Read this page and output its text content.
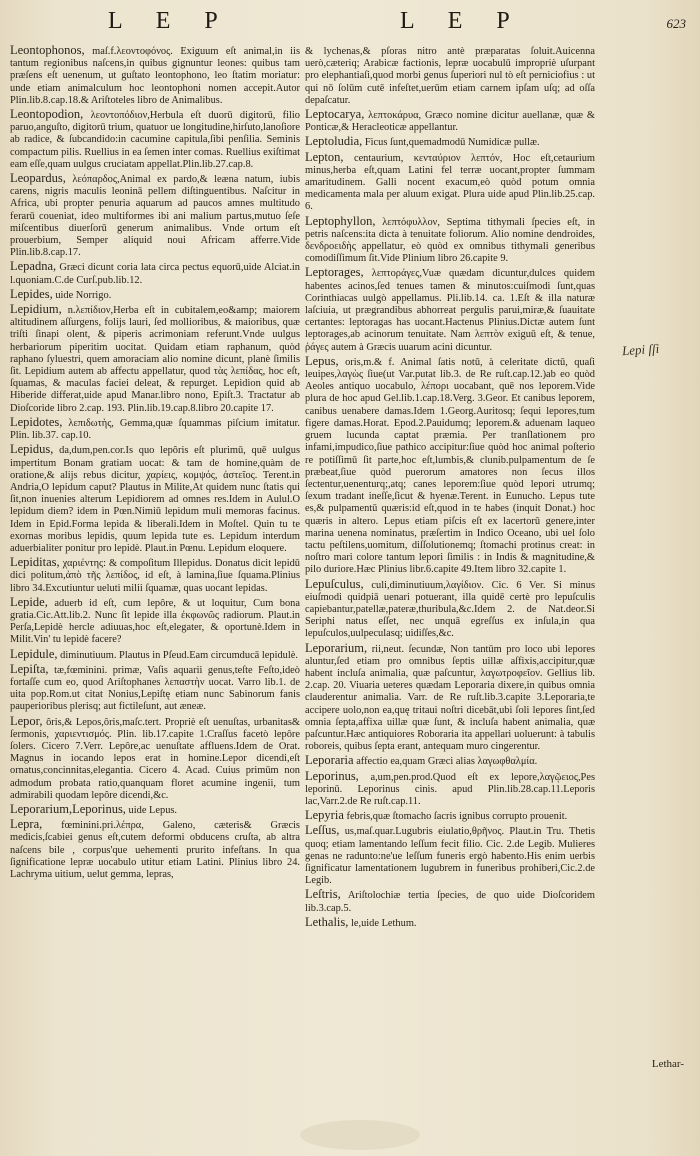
L E P	L E P	623
Leontophonos, maſ.f.λεοντοφόνος. Exiguum eſt animal,in iis tantum regionibus naſcens,in quibus gignuntur leones: quibus tam præſens eſt uenenum, ut guſtato leontophono, leo ſtatim moriatur: unde etiam animalculum hoc leontophoni nomen accepit.Autor Plin.lib.8.cap.18.& Ariſtoteles libro de Animalibus.
Leontopodion, λεοντοπόδιον,Herbula eſt duorū digitorū, filio paruo,anguſto, digitorū trium, quatuor ue longitudine,hirſuto,lanoſiore ab radice, & ſubcandido:in cacumine capitula,ſibi penſilia. Seminis compactum pilis. Ruellius in ea ſemen inter comas. Ruellius exiſtimat eam eſſe,quam uulgus cruciatam appellat.Plin.lib.27.cap.8.
Leopardus, λεόπαρδος,Animal ex pardo,& leæna natum, iubis carens, nigris maculis leoninā pellem diſtinguentibus. Naſcitur in Africa, ubi propter penuria aquarum ad paucos amnes multitudo ferarū coueniat, ideo multiformes ibi ani malium partus,mutuo ſeſe miſcentibus diuerſorū generum animalibus. Vnde ortum eſt prouerbium, Semper aliquid noui Africam afferre.Vide Plin.lib.8.cap.17.
Lepadna, Græci dicunt coria lata circa pectus equorū,uide Alciat.in l.quoniam.C.de Curſ.pub.lib.12.
Lepides, uide Norrigo.
Lepidium, n.λεπίδιον,Herba eſt in cubitalem,eo&amp; maiorem altitudinem aſſurgens, folijs lauri, ſed mollioribus, & maioribus, quæ triſti ſinapi olent, & piperis acrimoniam referunt.Vnde uulgus herbariorum piperitim uocitat. Quidam etiam raphanum, quòd raphano ſyluestri, quem amoraciam alio nomine dicunt, planè ſimilis ſit. Lepidium autem ab affectu appellatur, quod τὰς λεπίδας, hoc eſt, ſquamas, & maculas faciei deleat, & repurget. Lepidion quid ab Hiberide differat,uide apud Manar.libro nono, Epiſt.3. Tractatur ab Dioſcoride libro 2.cap. 193. Plin.lib.19.cap.8.libro 20.capite 17.
Lepidotes, λεπιδωτὴς, Gemma,quæ ſquammas piſcium imitatur. Plin. lib.37. cap.10.
Lepidus, da,dum,pen.cor.Is quo lepôris eſt plurimū, quē uulgus impertitum Bonam gratiam uocat: & tam de homine,quàm de oratione,& alijs rebus dicitur, χαρίεις, κομψός, ἀστεῖος. Terent.in Andria,O lepidum caput? Plautus in Milite,At quidem nunc ſtatis qui ſit,non inuenies alterum Lepidiorem ad omnes res.Idem in Aulul.O lepidum diem? idem in Pœn.Nimiū lepidum muli memoras facinus. Idem in Epid.Forma lepida & liberali.Idem in Moſtel. Quin tu te exornas moribus lepidis, quum lepida tute es. Lepidum interdum aduerbialiter ponitur pro lepidè. Plaut.in Pœnu. Lepidum eloquere.
Lepiditas, χαριέντης: & compoſitum Illepidus. Donatus dicit lepidū dici politum,ἀπὸ τῆς λεπίδος, id eſt, à lamina,ſiue ſquama.Plinius libro 34.Excutiuntur ueluti milii ſquamæ, quas uocant lepidas.
Lepide, aduerb id eſt, cum lepôre, & ut loquitur, Cum bona gratia.Cic.Att.lib.2. Nunc ſit lepide illa ἐκφωνῶς radiorum. Plaut.in Perſa,Lepidè hercle adiuuas,hoc eſt,elegater, & oportunè.Idem in Milit.Vin' tu lepidè facere?
Lepidule, diminutiuum. Plautus in Pſeud.Eam circumducā lepidulè.
Lepiſta, tæ,fœminini. primæ, Vaſis aquarii genus,teſte Feſto,ideò fortaſſe cum eo, quod Ariſtophanes λεπαστὴν uocat. Varro lib.1. de uita pop.Rom.ut citat Nonius,Lepiſtę etiam nunc Sabinorum fanis pauperioribus plerisq; aut fictileſunt, aut æneæ.
Lepor, ôris,& Lepos,ôris,maſc.tert. Propriè eſt uenuſtas, urbanitas& ſermonis, χαριεντισμός. Plin. lib.17.capite 1.Craſſus facetò lepôre ſolers. Cicero 7.Verr. Lepôre,ac uenuſtate affluens.Idem de Orat. Magnus in iocando lepos erat in homine.Lepor dicendi,eſt ornatus,concinnitas,elegantia. Cicero 4. Acad. Cuius primūm non admodum probata ratio,quanquam floret acumine ingenii, tum admirabili quodam lepôre dicendi,&c.
Leporarium,Leporinus, uide Lepus.
Lepra, fœminini.pri.λέπρα, Galeno, cæteris& Græcis medicis,ſcabiei genus eſt,cutem deformi obducens cruſta, ab altra naſcens bile , corpus'que uehementi prurito infeſtans. In qua ſignificatione lepræ uocabulo utitur etiam Latini. Plinius libro 24. Lachryma uitium, uelut gemma, lepras,
& lychenas,& pſoras nitro antè præparatas ſoluit.Auicenna uerò,cæteriq; Arabicæ factionis, lepræ uocabulū impropriè uſurpant pro elephantiaſi,quod morbi genus ſuperiori nul tò eſt perniciofius : ut qui nō ſolūm cutē infeſtet,uerūm etiam carnem ipſam uſq; ad oſſa depaſcatur.
Leptocarya, λεπτοκάρυα, Græco nomine dicitur auellanæ, quæ & Ponticæ,& Heracleoticæ appellantur.
Leptoludia, Ficus ſunt,quemadmodū Numidicæ pullæ.
Lepton, centaurium, κενταύριον λεπτόν, Hoc eſt,cetaurium minus,herba eſt,quam Latini fel terræ uocant,propter ſummam amaritudinem. Galli nocent exacum,eò quòd potum omnia medicamenta mala per aluum exigat. Plura uide apud Plin.lib.25.cap. 6.
Leptophyllon, λεπτόφυλλον, Septima tithymali ſpecies eſt, in petris naſcens:ita dicta à tenuitate foliorum. Alio nomine dendroides, δενδροειδὴς appellatur, eò quòd ex omnibus tithymali generibus comodiſſimum ſit.Vide Plinium libro 26.capite 9.
Leptorages, λεπτοράγες,Vuæ quædam dicuntur,dulces quidem habentes acinos,ſed tenues tamen & minutos:cuiſmodi ſunt,quas Corinthiacas uulgò appellamus. Pli.lib.14. ca. 1.Eſt & illa naturæ laſciuia, ut prægrandibus abhorreat pergulis parui,miræ,& ſuauitate certantes: leptoragas has uocant.Hactenus Plinius.Dictæ autem ſunt leptorages,ab acinorum tenuitate. Nam λεπτὸν exiguū eſt, & tenue, ῥάγες autem à Græcis uuarum acini dicuntur.
Lepus, oris,m.& f. Animal ſatis notū, à celeritate dictū, quaſi leuipes,λαγὼς ſiue(ut Var.putat lib.3. de Re ruſt.cap.12.)ab eo quòd Aeoles antiquo uocabulo, λέπορι uocabant, quē nos leporem.Vide plura de hoc apud Gel.lib.1.cap.18.Verg. 3.Geor. Et canibus leporem, canibus uenabere damas.Idem 1.Georg.Auritosq; ſequi lepores,tum figere damas.Horat. Epod.2.Pauidumq; leporem.& aduenam laqueo gruem lucunda captat præmia. Per tranſlationem pro infami,impudico,ſiue pathico accipitur:ſiue quòd hoc animal poſterio re potiſſimū ſit parte,hoc eſt,lumbis,& clunib.pulpamentum de ſe præbeat,ſiue quòd puerorum amatores non ſecus illos ſectentur,uenenturq;,atq; canes leporem:ſiue quòd lepori utrumq; ſexum tradant ineſſe,ſicut & hyenæ.Terent. in Eunucho. Lepus tute es,& pulpamentū quæris:id eſt,quod in te habes (inquit Donat.) hoc quæris in altero. Lepus etiam piſcis eſt ex lacertorū genere,inter marina uenena nominatus, præſertim in Indico Oceano, ubi uel ſolo tactu peſtilens,uomitum, diſſolutionemq; ſtomachi protinus creat: in noſtro mari colore tantum lepori ſimilis : in Indis & magnitudine,& pilo duriore.Hæc Plinius libr.6.capite 49.Item libro 32.capite 1.
Lepuſculus, culi,diminutiuum,λαγίδιον. Cic. 6 Ver. Si minus eiuſmodi quidpiā uenari potuerant, illa quidē certè pro lepuſculis capiebantur,patellæ,pateræ,thuribula,&c.Idem 2. de Nat.deor.Si Seriphi natus eſſet, nec unquā egreſſus ex inſula,in qua lepuſculos,uulpeculasq; uidiſſes,&c.
Leporarium, rii,neut. ſecundæ, Non tantūm pro loco ubi lepores aluntur,ſed etiam pro omnibus ſeptis uillæ aſfixis,accipitur,quæ habent incluſa animalia, quæ paſcuntur, λαγωτροφεῖον. Gellius lib. 2.cap. 20. Viuaria ueteres quædam Leporaria dixere,in quibus omnia clauderentur animalia. Varr. de Re ruſt.lib.3.capite 3.Leporaria,te accipere uolo,non ea,quę tritaui noſtri dicebāt,ubi ſoli lepores ſint,ſed omnia ſepta,affixa uillæ quæ ſunt, & incluſa habent animalia, quæ paſcuntur.Hæc antiquiores Roboraria ita appellari uoluerunt: à tabulis roboreis, quibus ſepta erant, antequam muro cingerentur.
Leporaria affectio ea,quam Græci alias λαγωφθαλμία.
Leporinus, a,um,pen.prod.Quod eſt ex lepore,λαγῷειος,Pes leporinū. Leporinus cinis. apud Plin.lib.28.cap.11.Leporis lac,Varr.2.de Re ruſt.cap.11.
Lepyria febris,quæ ſtomacho ſacris ignibus corrupto prouenit.
Leſſus, us,maſ.quar.Lugubris eiulatio,θρῆνος. Plaut.in Tru. Thetis quoq; etiam lamentando leſſum fecit filio. Cic. 2.de Legib. Mulieres genas ne radunto:ne'ue leſſum funeris ergò habento.His enim uerbis ſignificatur lamentationem lugubrem in funeribus prohiberi,Cic.2.de Legib.
Leſtris, Ariſtolochiæ tertia ſpecies, de quo uide Dioſcoridem lib.3.cap.5.
Lethalis, le,uide Lethum.
Lepi ſſi
Lethar-
